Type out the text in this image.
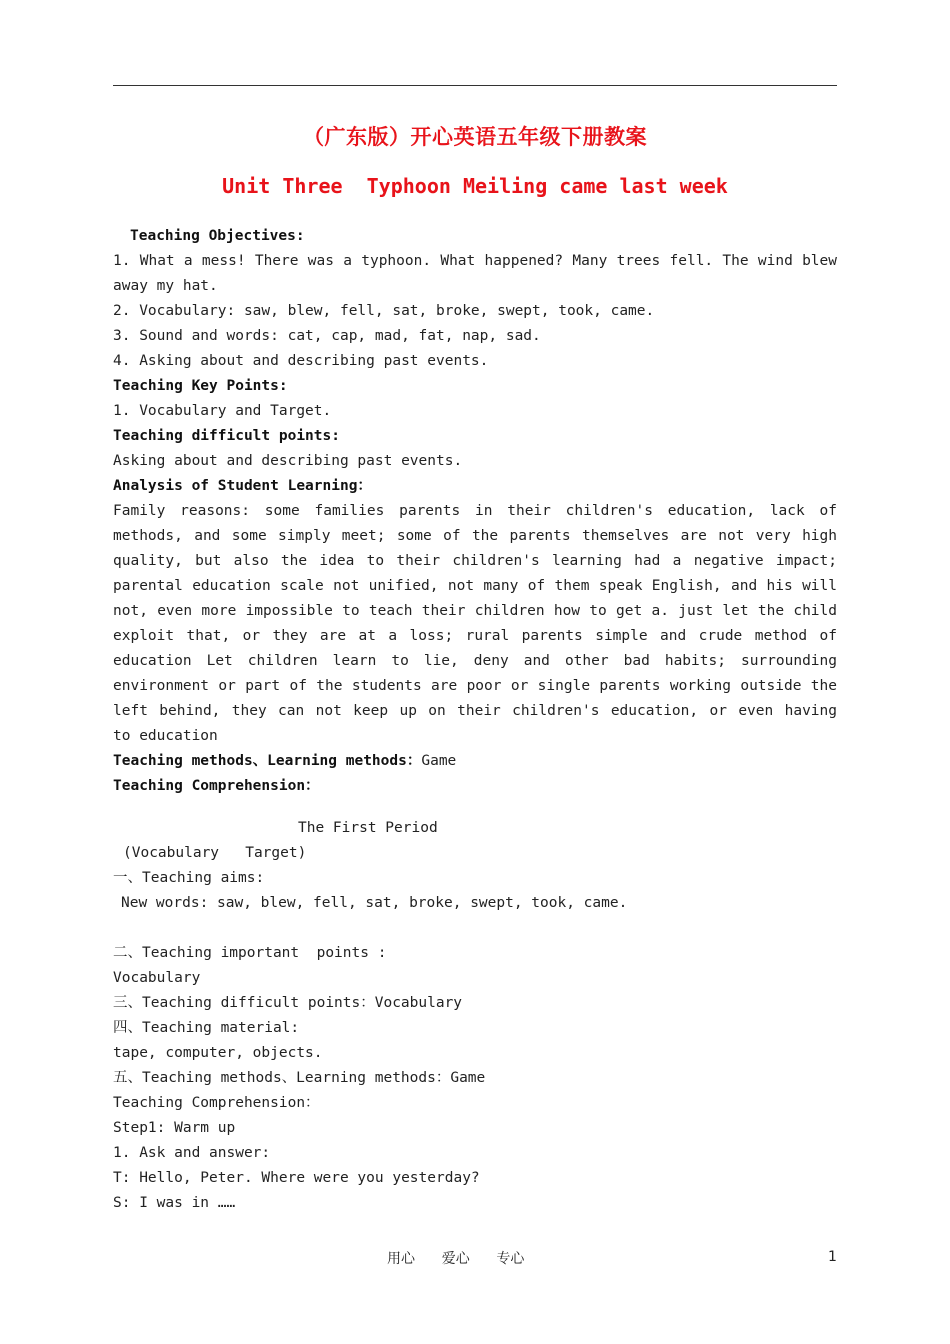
（广东版）开心英语五年级下册教案
Unit Three  Typhoon Meiling came last week
Teaching Objectives:
1. What a mess! There was a typhoon. What happened? Many trees fell. The wind blew
away my hat.
2. Vocabulary: saw, blew, fell, sat, broke, swept, took, came.
3. Sound and words: cat, cap, mad, fat, nap, sad.
4. Asking about and describing past events.
Teaching Key Points:
1. Vocabulary and Target.
Teaching difficult points:
Asking about and describing past events.
Analysis of Student Learning：
Family reasons: some families parents in their children's education, lack of
methods, and some simply meet; some of the parents themselves are not very high
quality, but also the idea to their children's learning had a negative impact;
parental education scale not unified, not many of them speak English, and his will
not, even more impossible to teach their children how to get a. just let the child
exploit that, or they are at a loss; rural parents simple and crude method of
education Let children learn to lie, deny and other bad habits; surrounding
environment or part of the students are poor or single parents working outside the
left behind, they can not keep up on their children's education, or even having
to education
Teaching methods、Learning methods：Game
Teaching Comprehension：
The First Period
(Vocabulary   Target)
一、Teaching aims:
New words: saw, blew, fell, sat, broke, swept, took, came.
二、Teaching important  points :
Vocabulary
三、Teaching difficult points：Vocabulary
四、Teaching material:
tape, computer, objects.
五、Teaching methods、Learning methods：Game
Teaching Comprehension：
Step1: Warm up
1. Ask and answer:
T: Hello, Peter. Where were you yesterday?
S: I was in ……
用心      爱心      专心	1
